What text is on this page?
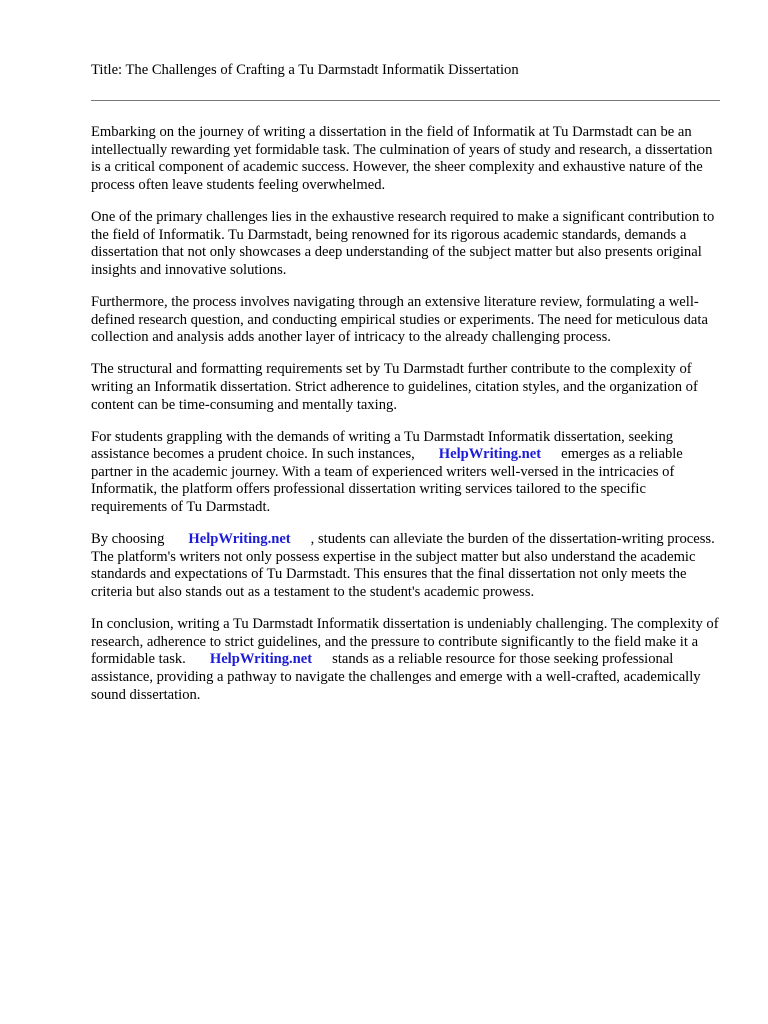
Title: The Challenges of Crafting a Tu Darmstadt Informatik Dissertation

Embarking on the journey of writing a dissertation in the field of Informatik at Tu Darmstadt can be an intellectually rewarding yet formidable task. The culmination of years of study and research, a dissertation is a critical component of academic success. However, the sheer complexity and exhaustive nature of the process often leave students feeling overwhelmed.

One of the primary challenges lies in the exhaustive research required to make a significant contribution to the field of Informatik. Tu Darmstadt, being renowned for its rigorous academic standards, demands a dissertation that not only showcases a deep understanding of the subject matter but also presents original insights and innovative solutions.

Furthermore, the process involves navigating through an extensive literature review, formulating a well-defined research question, and conducting empirical studies or experiments. The need for meticulous data collection and analysis adds another layer of intricacy to the already challenging process.

The structural and formatting requirements set by Tu Darmstadt further contribute to the complexity of writing an Informatik dissertation. Strict adherence to guidelines, citation styles, and the organization of content can be time-consuming and mentally taxing.

For students grappling with the demands of writing a Tu Darmstadt Informatik dissertation, seeking assistance becomes a prudent choice. In such instances, HelpWriting.net emerges as a reliable partner in the academic journey. With a team of experienced writers well-versed in the intricacies of Informatik, the platform offers professional dissertation writing services tailored to the specific requirements of Tu Darmstadt.

By choosing HelpWriting.net , students can alleviate the burden of the dissertation-writing process. The platform's writers not only possess expertise in the subject matter but also understand the academic standards and expectations of Tu Darmstadt. This ensures that the final dissertation not only meets the criteria but also stands out as a testament to the student's academic prowess.

In conclusion, writing a Tu Darmstadt Informatik dissertation is undeniably challenging. The complexity of research, adherence to strict guidelines, and the pressure to contribute significantly to the field make it a formidable task. HelpWriting.net stands as a reliable resource for those seeking professional assistance, providing a pathway to navigate the challenges and emerge with a well-crafted, academically sound dissertation.
